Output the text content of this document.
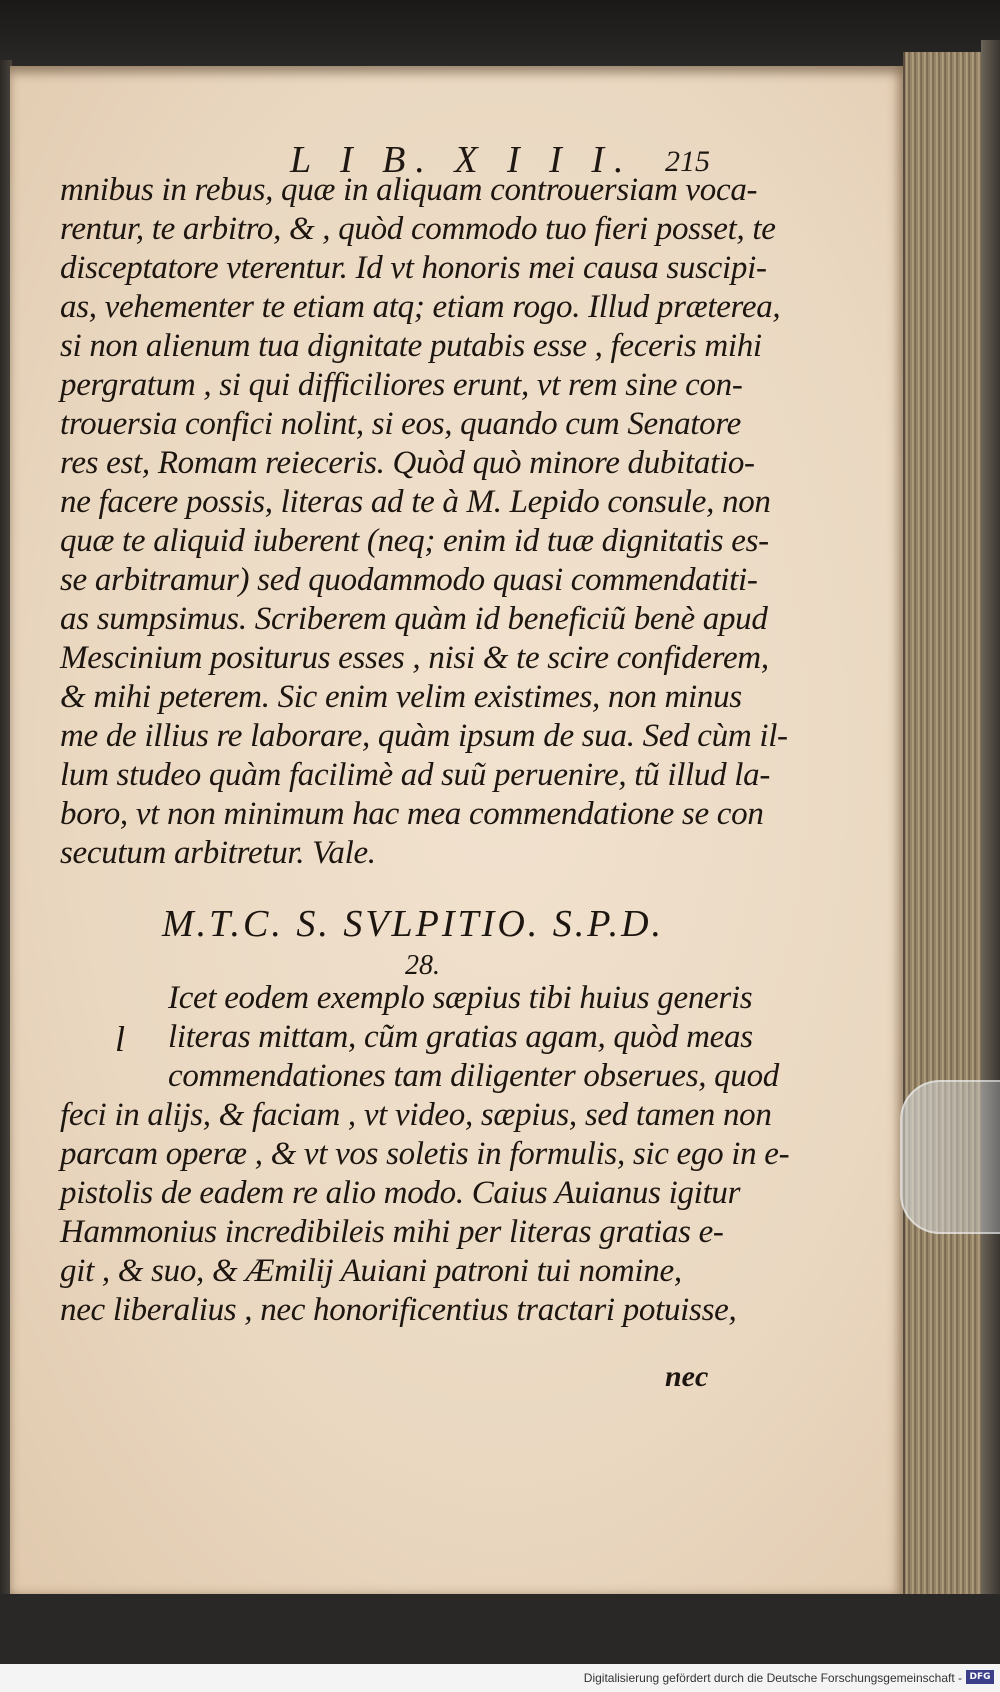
L I B. X I I I. 215
mnibus in rebus, quæ in aliquam controuersiam voca-
rentur, te arbitro, & , quòd commodo tuo fieri posset, te
disceptatore vterentur. Id vt honoris mei causa suscipi-
as, vehementer te etiam atq; etiam rogo. Illud præterea,
si non alienum tua dignitate putabis esse , feceris mihi
pergratum , si qui difficiliores erunt, vt rem sine con-
trouersia confici nolint, si eos, quando cum Senatore
res est, Romam reieceris. Quòd quò minore dubitatio-
ne facere possis, literas ad te à M. Lepido consule, non
quæ te aliquid iuberent (neq; enim id tuæ dignitatis es-
se arbitramur) sed quodammodo quasi commendatiti-
as sumpsimus. Scriberem quàm id beneficiũ benè apud
Mescinium positurus esses , nisi & te scire confiderem,
& mihi peterem. Sic enim velim existimes, non minus
me de illius re laborare, quàm ipsum de sua. Sed cùm il-
lum studeo quàm facilimè ad suũ peruenire, tũ illud la-
boro, vt non minimum hac mea commendatione se con
secutum arbitretur. Vale.
M.T.C. S. SVLPITIO. S.P.D.
28.
l
Icet eodem exemplo sæpius tibi huius generis
literas mittam, cũm gratias agam, quòd meas
commendationes tam diligenter obserues, quod
feci in alijs, & faciam , vt video, sæpius, sed tamen non
parcam operæ , & vt vos soletis in formulis, sic ego in e-
pistolis de eadem re alio modo. Caius Auianus igitur
Hammonius incredibileis mihi per literas gratias e-
git , & suo, & Æmilij Auiani patroni tui nomine,
nec liberalius , nec honorificentius tractari potuisse,
nec
Digitalisierung gefördert durch die Deutsche Forschungsgemeinschaft - DFG
